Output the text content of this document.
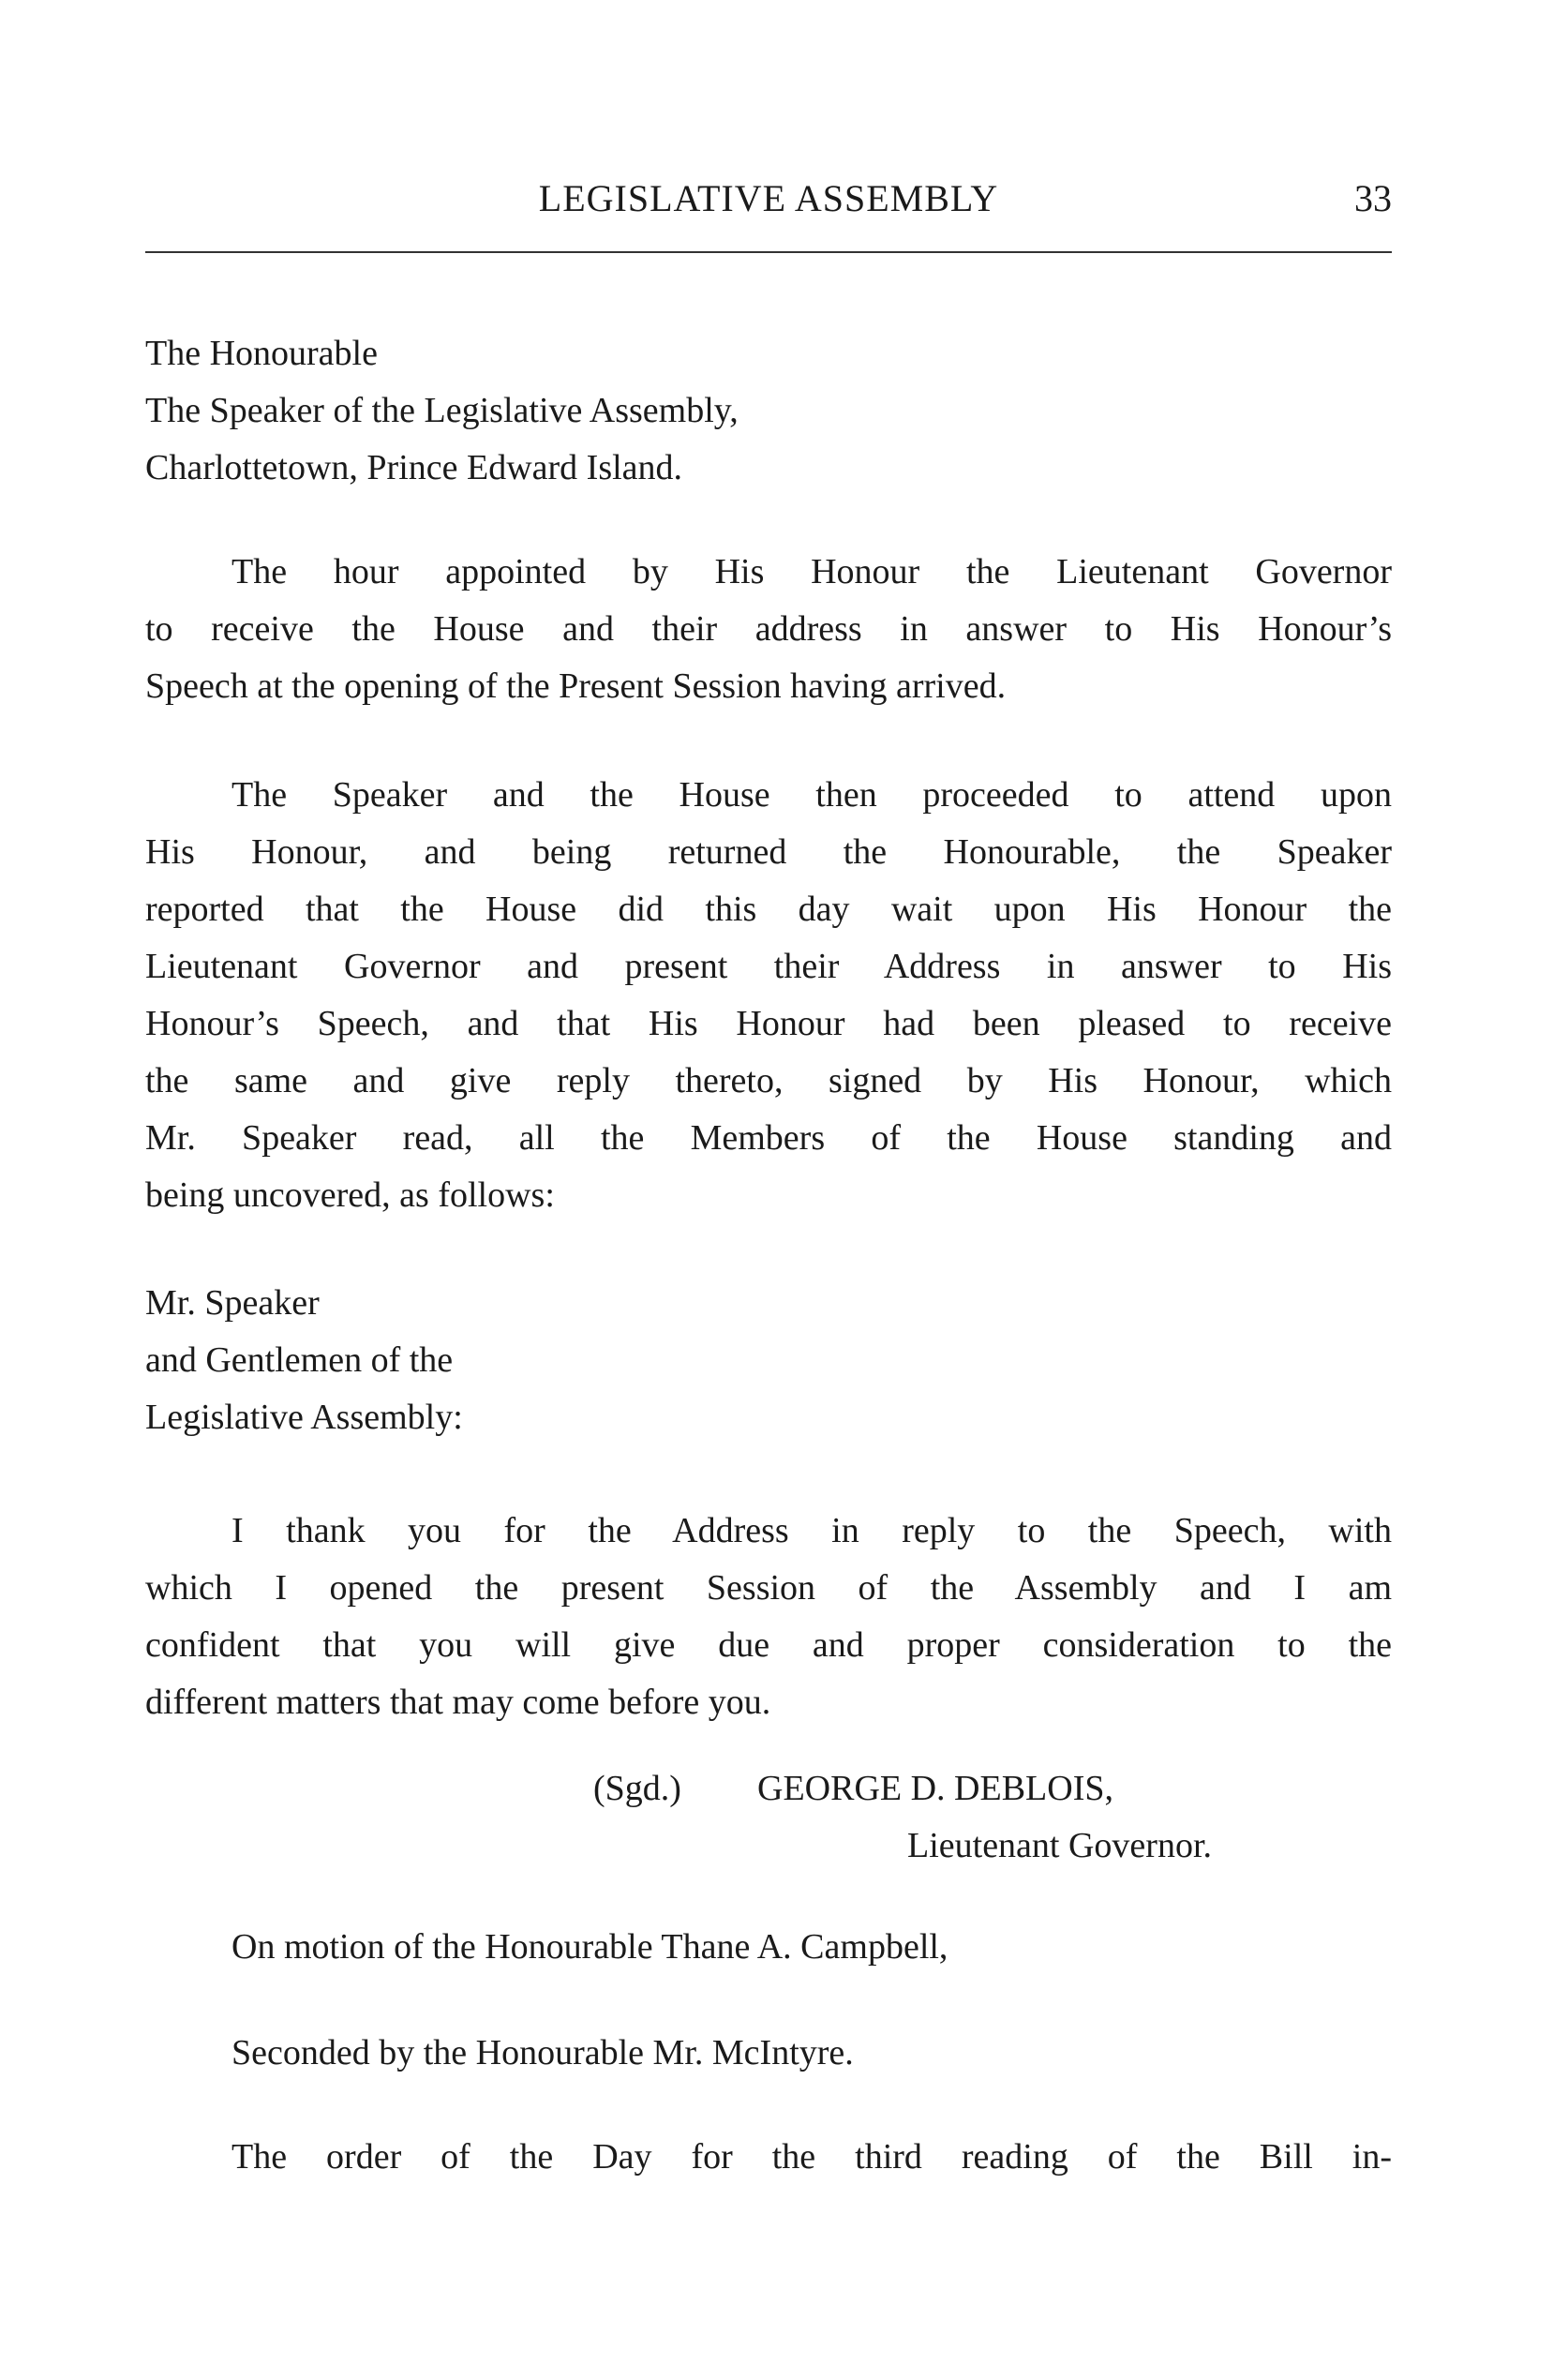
LEGISLATIVE ASSEMBLY	33
The Honourable
The Speaker of the Legislative Assembly,
Charlottetown, Prince Edward Island.
The hour appointed by His Honour the Lieutenant Governor
to receive the House and their address in answer to His Honour’s
Speech at the opening of the Present Session having arrived.
The Speaker and the House then proceeded to attend upon
His Honour, and being returned the Honourable, the Speaker
reported that the House did this day wait upon His Honour the
Lieutenant Governor and present their Address in answer to His
Honour’s Speech, and that His Honour had been pleased to receive
the same and give reply thereto, signed by His Honour, which
Mr. Speaker read, all the Members of the House standing and
being uncovered, as follows:
Mr. Speaker
and Gentlemen of the
Legislative Assembly:
I thank you for the Address in reply to the Speech, with
which I opened the present Session of the Assembly and I am
confident that you will give due and proper consideration to the
different matters that may come before you.
(Sgd.) GEORGE D. DEBLOIS,
Lieutenant Governor.
On motion of the Honourable Thane A. Campbell,
Seconded by the Honourable Mr. McIntyre.
The order of the Day for the third reading of the Bill in-
